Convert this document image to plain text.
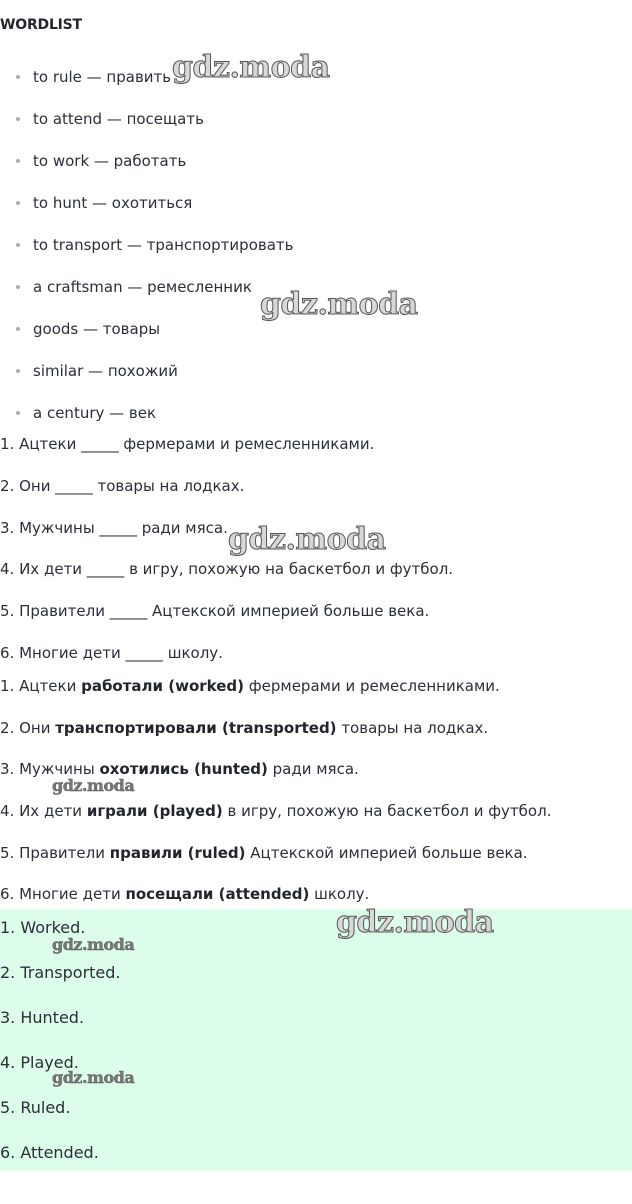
WORDLIST
to rule — править
to attend — посещать
to work — работать
to hunt — охотиться
to transport — транспортировать
a craftsman — ремесленник
goods — товары
similar — похожий
a century — век
1. Ацтеки _____ фермерами и ремесленниками.
2. Они _____ товары на лодках.
3. Мужчины _____ ради мяса.
4. Их дети _____ в игру, похожую на баскетбол и футбол.
5. Правители _____ Ацтекской империей больше века.
6. Многие дети _____ школу.
1. Ацтеки работали (worked) фермерами и ремесленниками.
2. Они транспортировали (transported) товары на лодках.
3. Мужчины охотились (hunted) ради мяса.
4. Их дети играли (played) в игру, похожую на баскетбол и футбол.
5. Правители правили (ruled) Ацтекской империей больше века.
6. Многие дети посещали (attended) школу.
1. Worked.
2. Transported.
3. Hunted.
4. Played.
5. Ruled.
6. Attended.
gdz.moda
gdz.moda
gdz.moda
gdz.moda
gdz.moda
gdz.moda
gdz.moda
